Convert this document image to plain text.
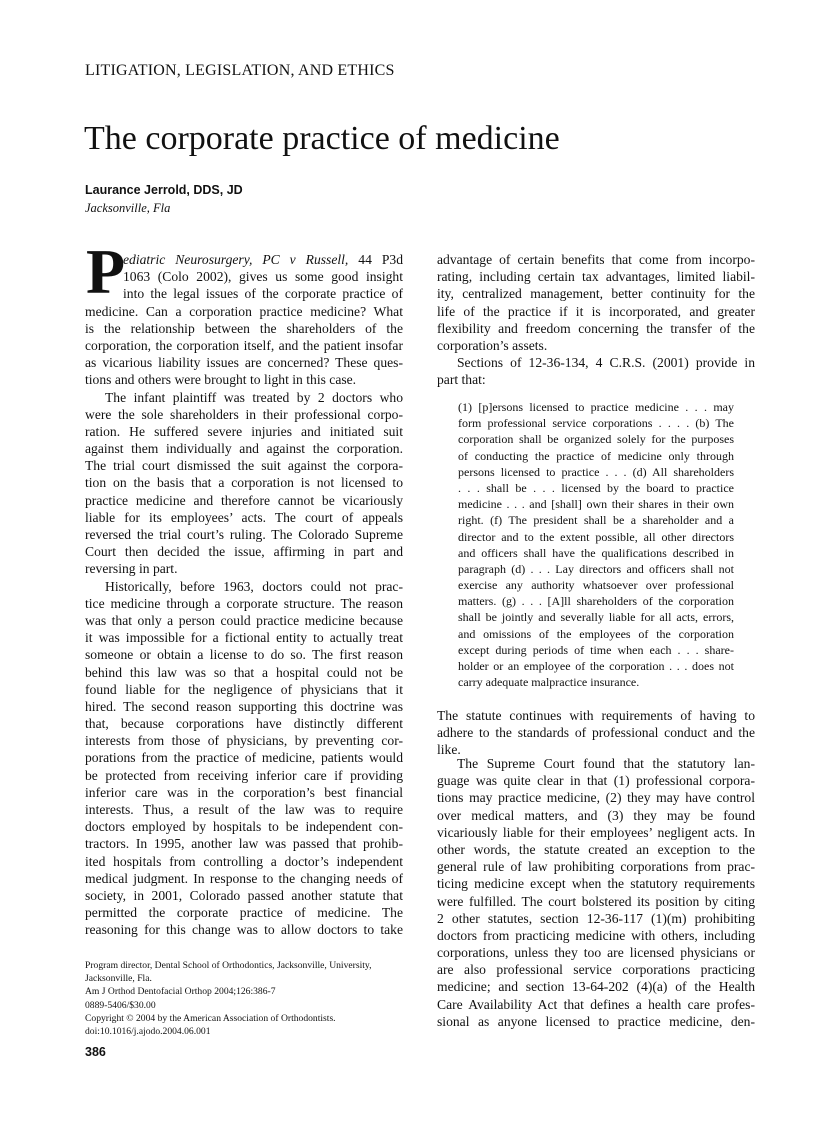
LITIGATION, LEGISLATION, AND ETHICS
The corporate practice of medicine
Laurance Jerrold, DDS, JD
Jacksonville, Fla
P
ediatric Neurosurgery, PC v Russell, 44 P3d
1063 (Colo 2002), gives us some good insight
into the legal issues of the corporate practice of
medicine. Can a corporation practice medicine? What
is the relationship between the shareholders of the
corporation, the corporation itself, and the patient insofar
as vicarious liability issues are concerned? These ques-
tions and others were brought to light in this case.
The infant plaintiff was treated by 2 doctors who
were the sole shareholders in their professional corpo-
ration. He suffered severe injuries and initiated suit
against them individually and against the corporation.
The trial court dismissed the suit against the corpora-
tion on the basis that a corporation is not licensed to
practice medicine and therefore cannot be vicariously
liable for its employees’ acts. The court of appeals
reversed the trial court’s ruling. The Colorado Supreme
Court then decided the issue, affirming in part and
reversing in part.
Historically, before 1963, doctors could not prac-
tice medicine through a corporate structure. The reason
was that only a person could practice medicine because
it was impossible for a fictional entity to actually treat
someone or obtain a license to do so. The first reason
behind this law was so that a hospital could not be
found liable for the negligence of physicians that it
hired. The second reason supporting this doctrine was
that, because corporations have distinctly different
interests from those of physicians, by preventing cor-
porations from the practice of medicine, patients would
be protected from receiving inferior care if providing
inferior care was in the corporation’s best financial
interests. Thus, a result of the law was to require
doctors employed by hospitals to be independent con-
tractors. In 1995, another law was passed that prohib-
ited hospitals from controlling a doctor’s independent
medical judgment. In response to the changing needs of
society, in 2001, Colorado passed another statute that
permitted the corporate practice of medicine. The
reasoning for this change was to allow doctors to take
advantage of certain benefits that come from incorpo-
rating, including certain tax advantages, limited liabil-
ity, centralized management, better continuity for the
life of the practice if it is incorporated, and greater
flexibility and freedom concerning the transfer of the
corporation’s assets.
Sections of 12-36-134, 4 C.R.S. (2001) provide in
part that:
(1) [p]ersons licensed to practice medicine . . . may
form professional service corporations . . . . (b) The
corporation shall be organized solely for the purposes
of conducting the practice of medicine only through
persons licensed to practice . . . (d) All shareholders
. . . shall be . . . licensed by the board to practice
medicine . . . and [shall] own their shares in their own
right. (f) The president shall be a shareholder and a
director and to the extent possible, all other directors
and officers shall have the qualifications described in
paragraph (d) . . . Lay directors and officers shall not
exercise any authority whatsoever over professional
matters. (g) . . . [A]ll shareholders of the corporation
shall be jointly and severally liable for all acts, errors,
and omissions of the employees of the corporation
except during periods of time when each . . . share-
holder or an employee of the corporation . . . does not
carry adequate malpractice insurance.
The statute continues with requirements of having to
adhere to the standards of professional conduct and the
like.
The Supreme Court found that the statutory lan-
guage was quite clear in that (1) professional corpora-
tions may practice medicine, (2) they may have control
over medical matters, and (3) they may be found
vicariously liable for their employees’ negligent acts. In
other words, the statute created an exception to the
general rule of law prohibiting corporations from prac-
ticing medicine except when the statutory requirements
were fulfilled. The court bolstered its position by citing
2 other statutes, section 12-36-117 (1)(m) prohibiting
doctors from practicing medicine with others, including
corporations, unless they too are licensed physicians or
are also professional service corporations practicing
medicine; and section 13-64-202 (4)(a) of the Health
Care Availability Act that defines a health care profes-
sional as anyone licensed to practice medicine, den-
Program director, Dental School of Orthodontics, Jacksonville, University,
Jacksonville, Fla.
Am J Orthod Dentofacial Orthop 2004;126:386-7
0889-5406/$30.00
Copyright © 2004 by the American Association of Orthodontists.
doi:10.1016/j.ajodo.2004.06.001
386
